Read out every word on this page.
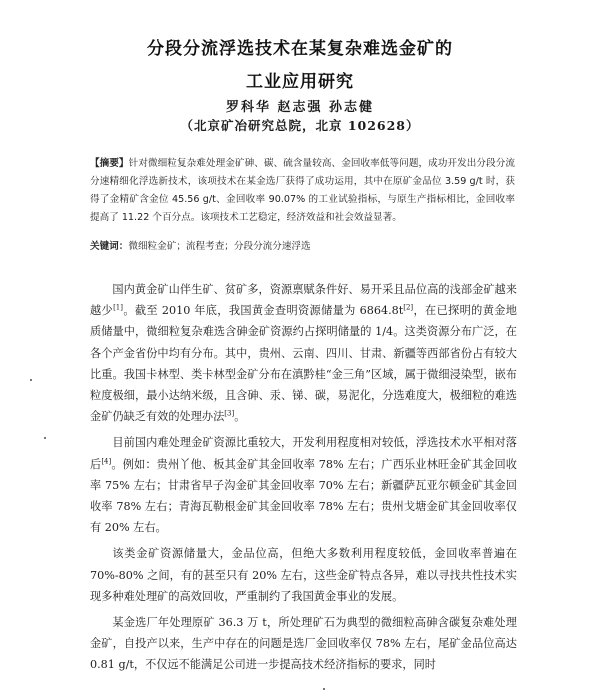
分段分流浮选技术在某复杂难选金矿的
工业应用研究
罗科华 赵志强 孙志健
（北京矿冶研究总院，北京 102628）
【摘要】针对微细粒复杂难处理金矿砷、碳、硫含量较高、金回收率低等问题，成功开发出分段分流分速精细化浮选新技术，该项技术在某金选厂获得了成功运用，其中在原矿金品位 3.59 g/t 时，获得了金精矿含金位 45.56 g/t、金回收率 90.07% 的工业试验指标，与原生产指标相比，金回收率提高了 11.22 个百分点。该项技术工艺稳定，经济效益和社会效益显著。
关键词：微细粒金矿；流程考查；分段分流分速浮选

国内黄金矿山伴生矿、贫矿多，资源禀赋条件好、易开采且品位高的浅部金矿越来越少[1]。截至 2010 年底，我国黄金查明资源储量为 6864.8t[2]，在已探明的黄金地质储量中，微细粒复杂难选含砷金矿资源约占探明储量的 1/4。这类资源分布广泛，在各个产金省份中均有分布。其中，贵州、云南、四川、甘肃、新疆等西部省份占有较大比重。我国卡林型、类卡林型金矿分布在滇黔桂“金三角”区域，属于微细浸染型，嵌布粒度极细，最小达纳米级，且含砷、汞、锑、碳，易泥化，分选难度大，极细粒的难选金矿仍缺乏有效的处理办法[3]。

目前国内难处理金矿资源比重较大，开发利用程度相对较低，浮选技术水平相对落后[4]。例如：贵州丫他、板其金矿其金回收率 78% 左右；广西乐业林旺金矿其金回收率 75% 左右；甘肃省早子沟金矿其金回收率 70% 左右；新疆萨瓦亚尔顿金矿其金回收率 78% 左右；青海瓦勒根金矿其金回收率 78% 左右；贵州戈塘金矿其金回收率仅有 20% 左右。

该类金矿资源储量大，金品位高，但绝大多数利用程度较低，金回收率普遍在 70%-80% 之间，有的甚至只有 20% 左右，这些金矿特点各异，难以寻找共性技术实现多种难处理矿的高效回收，严重制约了我国黄金事业的发展。

某金选厂年处理原矿 36.3 万 t，所处理矿石为典型的微细粒高砷含碳复杂难处理金矿，自投产以来，生产中存在的问题是选厂金回收率仅 78% 左右，尾矿金品位高达 0.81 g/t，不仅远不能满足公司进一步提高技术经济指标的要求，同时
